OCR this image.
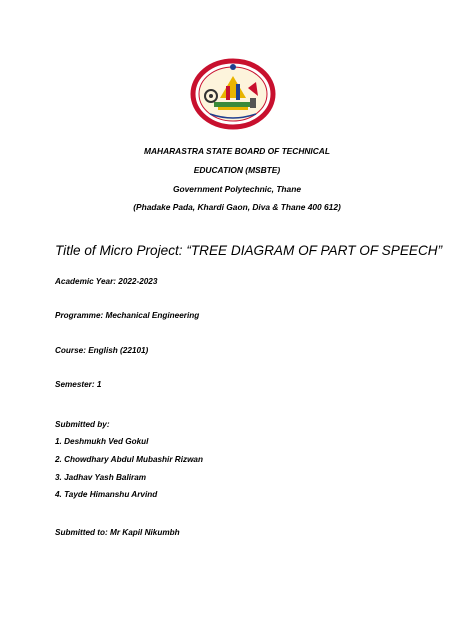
MAHARASTRA STATE BOARD OF TECHNICAL
EDUCATION (MSBTE)
Government Polytechnic, Thane
(Phadake Pada, Khardi Gaon, Diva & Thane 400 612)
Title of Micro Project: “TREE DIAGRAM OF PART OF SPEECH”
Academic Year: 2022-2023
Programme: Mechanical Engineering
Course: English (22101)
Semester: 1
Submitted by:
1. Deshmukh Ved Gokul
2. Chowdhary Abdul Mubashir Rizwan
3. Jadhav Yash Baliram
4. Tayde Himanshu Arvind
Submitted to: Mr Kapil Nikumbh
